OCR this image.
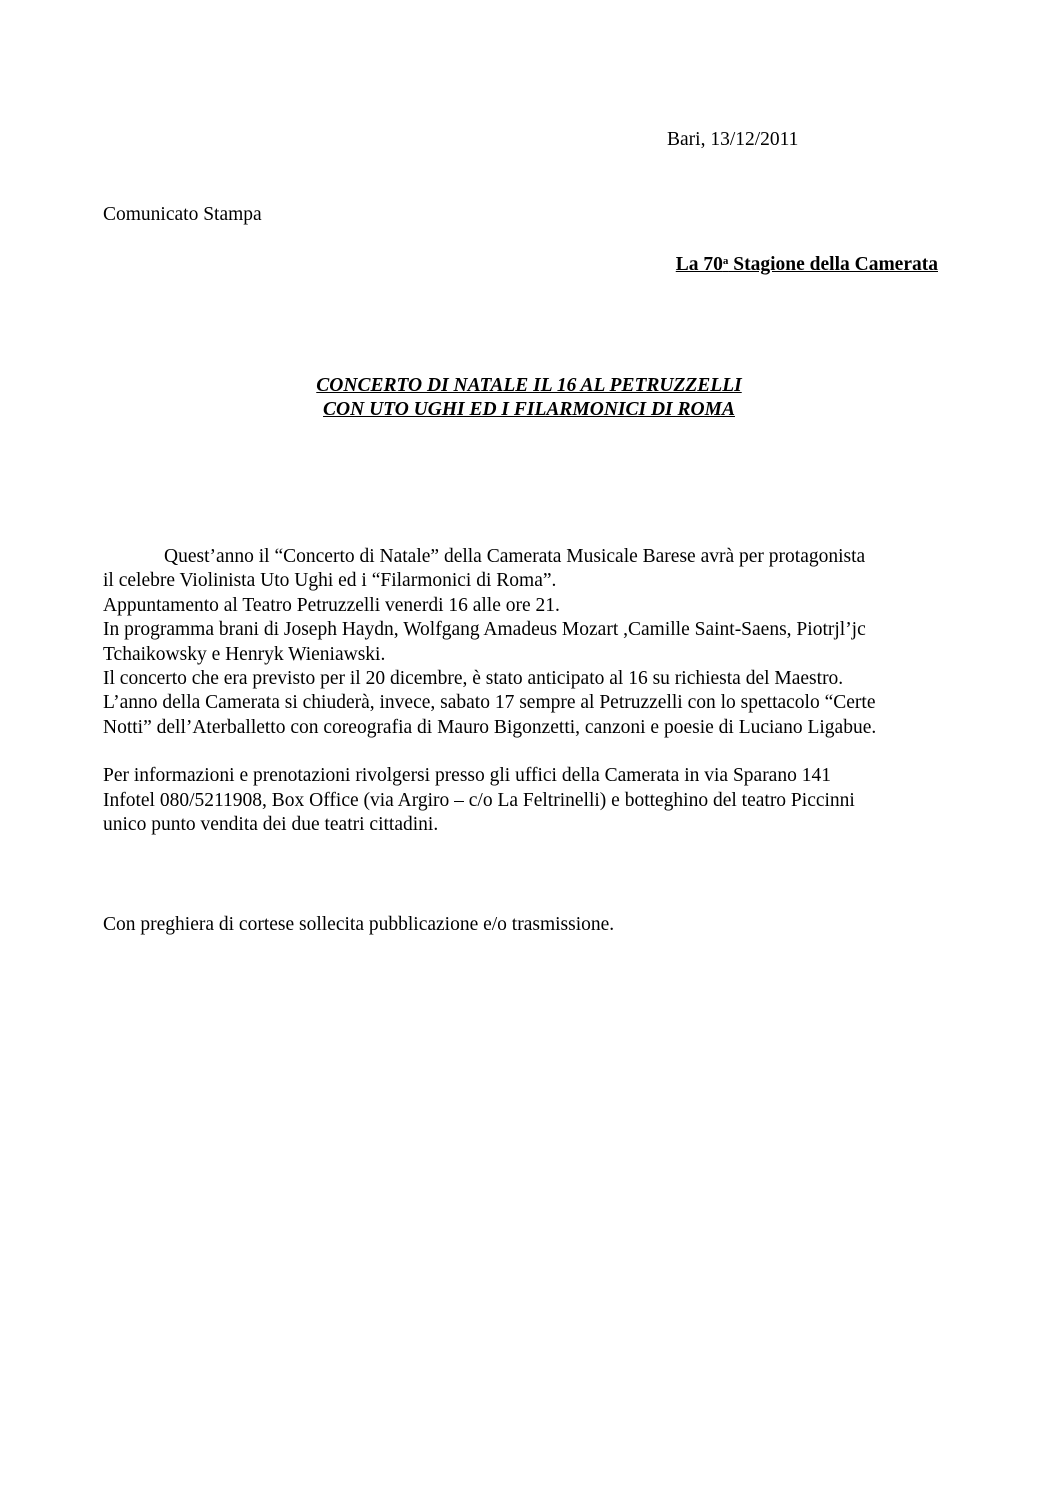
Bari, 13/12/2011
Comunicato Stampa
La 70$^a$ Stagione della Camerata
CONCERTO DI NATALE IL 16 AL PETRUZZELLI
CON UTO UGHI ED I FILARMONICI DI ROMA
Quest’anno il “Concerto di Natale” della Camerata Musicale Barese avrà per protagonista
il celebre Violinista Uto Ughi ed i “Filarmonici di Roma”.
Appuntamento al Teatro Petruzzelli venerdi 16 alle ore 21.
In programma brani di Joseph Haydn, Wolfgang Amadeus Mozart ,Camille Saint-Saens, Piotrjl’jc
Tchaikowsky e Henryk Wieniawski.
Il concerto che era previsto per il 20 dicembre, è stato anticipato al 16 su richiesta del Maestro.
L’anno della Camerata si chiuderà, invece, sabato 17 sempre al Petruzzelli con lo spettacolo “Certe
Notti” dell’Aterballetto con coreografia di Mauro Bigonzetti, canzoni e poesie di Luciano Ligabue.
Per informazioni e prenotazioni rivolgersi presso gli uffici della Camerata in via Sparano 141
Infotel 080/5211908, Box Office (via Argiro – c/o La Feltrinelli) e botteghino del teatro Piccinni
unico punto vendita dei due teatri cittadini.
Con preghiera di cortese sollecita pubblicazione e/o trasmissione.
